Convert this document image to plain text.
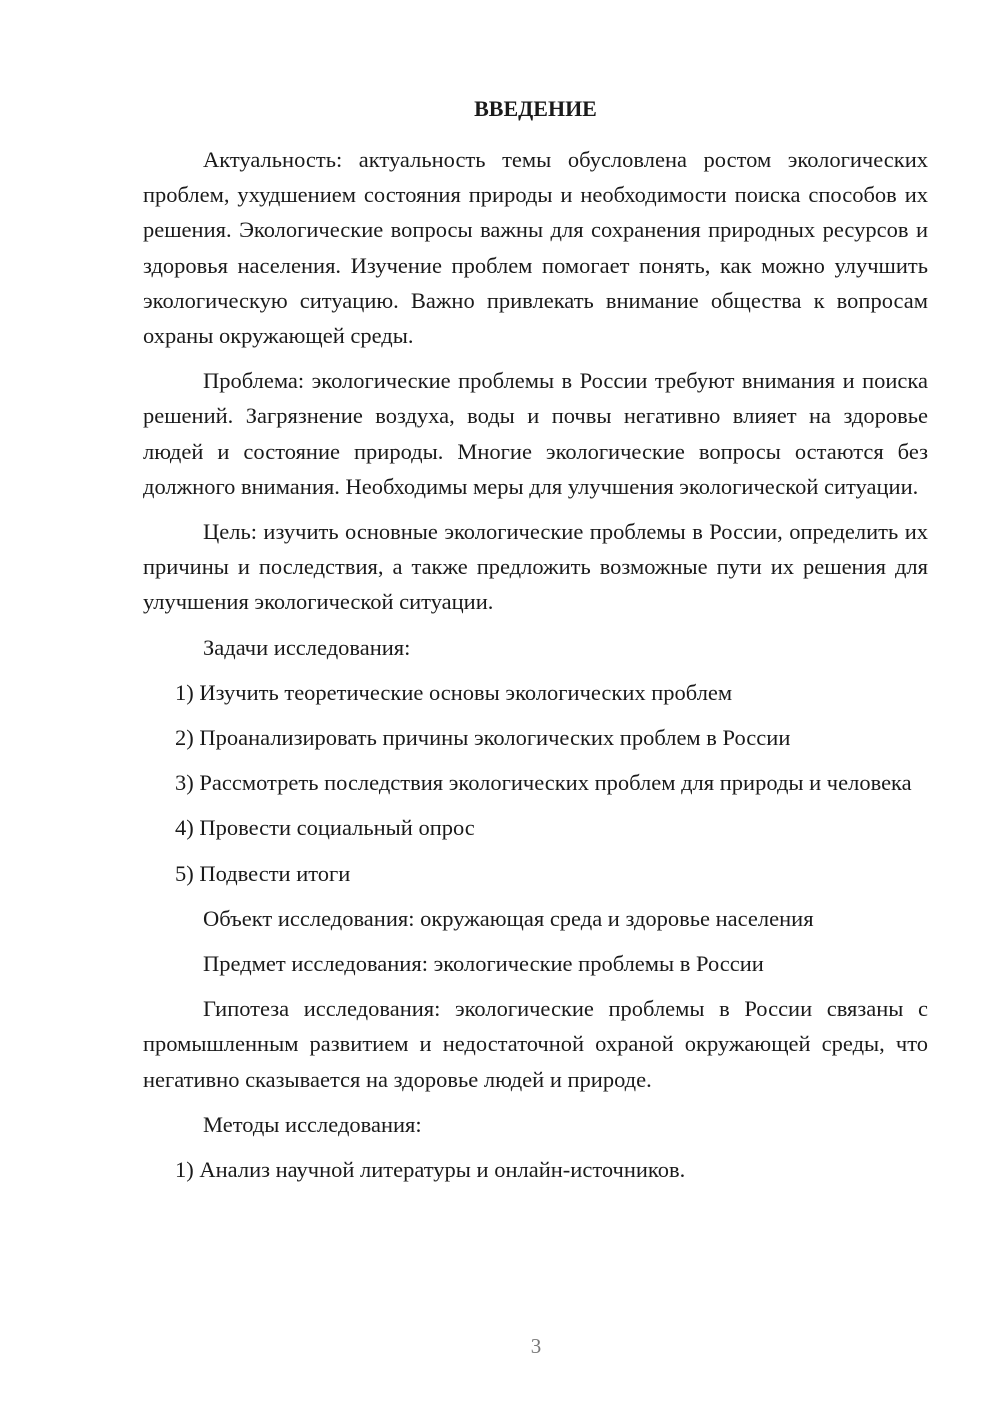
ВВЕДЕНИЕ

Актуальность: актуальность темы обусловлена ростом экологических проблем, ухудшением состояния природы и необходимости поиска способов их решения. Экологические вопросы важны для сохранения природных ресурсов и здоровья населения. Изучение проблем помогает понять, как можно улучшить экологическую ситуацию. Важно привлекать внимание общества к вопросам охраны окружающей среды.

Проблема: экологические проблемы в России требуют внимания и поиска решений. Загрязнение воздуха, воды и почвы негативно влияет на здоровье людей и состояние природы. Многие экологические вопросы остаются без должного внимания. Необходимы меры для улучшения экологической ситуации.

Цель: изучить основные экологические проблемы в России, определить их причины и последствия, а также предложить возможные пути их решения для улучшения экологической ситуации.

Задачи исследования:

1) Изучить теоретические основы экологических проблем

2) Проанализировать причины экологических проблем в России

3) Рассмотреть последствия экологических проблем для природы и человека

4) Провести социальный опрос

5) Подвести итоги

Объект исследования: окружающая среда и здоровье населения

Предмет исследования: экологические проблемы в России

Гипотеза исследования: экологические проблемы в России связаны с промышленным развитием и недостаточной охраной окружающей среды, что негативно сказывается на здоровье людей и природе.

Методы исследования:

1) Анализ научной литературы и онлайн-источников.

3
